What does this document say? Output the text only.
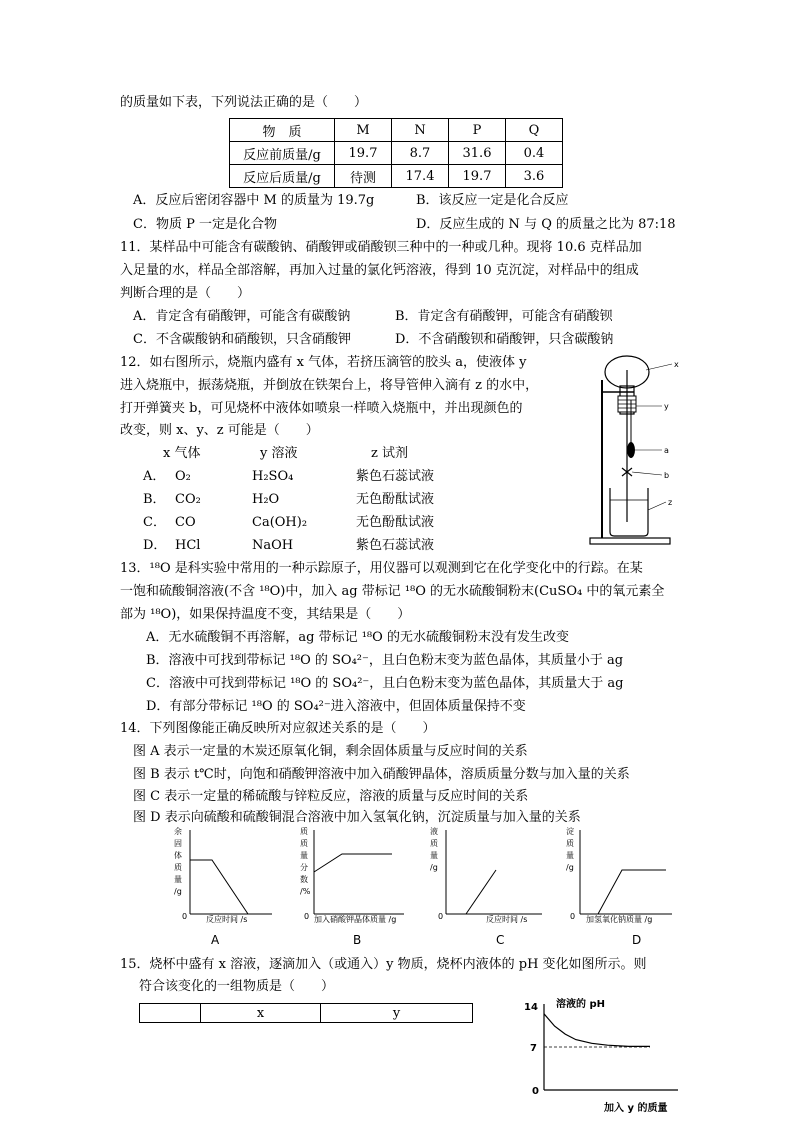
的质量如下表，下列说法正确的是（　　）
物　质	M	N	P	Q
反应前质量/g	19.7	8.7	31.6	0.4
反应后质量/g	待测	17.4	19.7	3.6
A．反应后密闭容器中 M 的质量为 19.7g	B．该反应一定是化合反应
C．物质 P 一定是化合物	D．反应生成的 N 与 Q 的质量之比为 87:18
11．某样品中可能含有碳酸钠、硝酸钾或硝酸钡三种中的一种或几种。现将 10.6 克样品加
入足量的水，样品全部溶解，再加入过量的氯化钙溶液，得到 10 克沉淀，对样品中的组成
判断合理的是（　　）
A．肯定含有硝酸钾，可能含有碳酸钠	B．肯定含有硝酸钾，可能含有硝酸钡
C．不含碳酸钠和硝酸钡，只含硝酸钾	D．不含硝酸钡和硝酸钾，只含碳酸钠
12．如右图所示，烧瓶内盛有 x 气体，若挤压滴管的胶头 a，使液体 y
进入烧瓶中，振荡烧瓶，并倒放在铁架台上，将导管伸入滴有 z 的水中，
打开弹簧夹 b，可见烧杯中液体如喷泉一样喷入烧瓶中，并出现颜色的
改变，则 x、y、z 可能是（　　）
x 气体	y 溶液	z 试剂
A． O₂	H₂SO₄	紫色石蕊试液
B． CO₂	H₂O	无色酚酞试液
C． CO	Ca(OH)₂	无色酚酞试液
D． HCl	NaOH	紫色石蕊试液
x
y
a
b
z
13．¹⁸O 是科实验中常用的一种示踪原子，用仪器可以观测到它在化学变化中的行踪。在某
一饱和硫酸铜溶液(不含 ¹⁸O)中，加入 ag 带标记 ¹⁸O 的无水硫酸铜粉末(CuSO₄ 中的氧元素全
部为 ¹⁸O)，如果保持温度不变，其结果是（　　）
A．无水硫酸铜不再溶解，ag 带标记 ¹⁸O 的无水硫酸铜粉末没有发生改变
B．溶液中可找到带标记 ¹⁸O 的 SO₄²⁻，且白色粉末变为蓝色晶体，其质量小于 ag
C．溶液中可找到带标记 ¹⁸O 的 SO₄²⁻，且白色粉末变为蓝色晶体，其质量大于 ag
D．有部分带标记 ¹⁸O 的 SO₄²⁻进入溶液中，但固体质量保持不变
14．下列图像能正确反映所对应叙述关系的是（　　）
图 A 表示一定量的木炭还原氧化铜，剩余固体质量与反应时间的关系
图 B 表示 t℃时，向饱和硝酸钾溶液中加入硝酸钾晶体，溶质质量分数与加入量的关系
图 C 表示一定量的稀硫酸与锌粒反应，溶液的质量与反应时间的关系
图 D 表示向硫酸和硫酸铜混合溶液中加入氢氧化钠，沉淀质量与加入量的关系
0
余
固
体
质
量
/g
反应时间 /s
A
0
质
质
量
分
数
/%
加入硝酸钾晶体质量 /g
B
0
液
质
量
/g
反应时间 /s
C
0
淀
质
量
/g
加氢氧化钠质量 /g
D
15．烧杯中盛有 x 溶液，逐滴加入（或通入）y 物质，烧杯内液体的 pH 变化如图所示。则
符合该变化的一组物质是（　　）
	x	y
溶液的 pH
14
7
0
加入 y 的质量
